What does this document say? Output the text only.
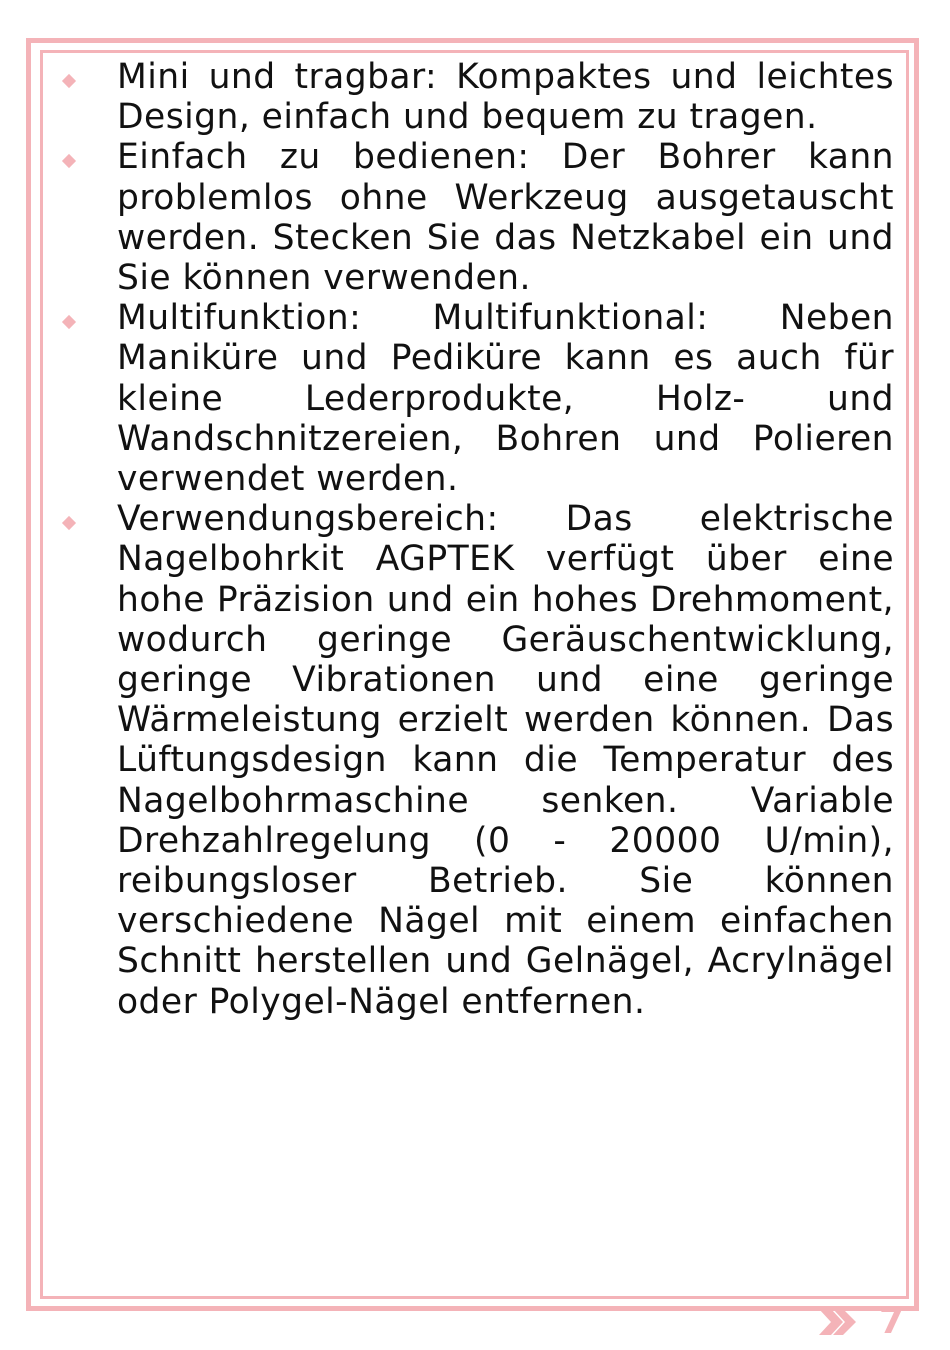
Mini und tragbar: Kompaktes und leichtes Design, einfach und bequem zu tragen.
Einfach zu bedienen: Der Bohrer kann problemlos ohne Werkzeug ausgetauscht werden. Stecken Sie das Netzkabel ein und Sie können verwenden.
Multifunktion: Multifunktional: Neben Maniküre und Pediküre kann es auch für kleine Lederprodukte, Holz- und Wandschnitzereien, Bohren und Polieren verwendet werden.
Verwendungsbereich: Das elektrische Nagelbohrkit AGPTEK verfügt über eine hohe Präzision und ein hohes Drehmoment, wodurch geringe Geräuschentwicklung, geringe Vibrationen und eine geringe Wärmeleistung erzielt werden können. Das Lüftungsdesign kann die Temperatur des Nagelbohrmaschine senken. Variable Drehzahlregelung (0 - 20000 U/min), reibungsloser Betrieb. Sie können verschiedene Nägel mit einem einfachen Schnitt herstellen und Gelnägel, Acrylnägel oder Polygel-Nägel entfernen.
7
